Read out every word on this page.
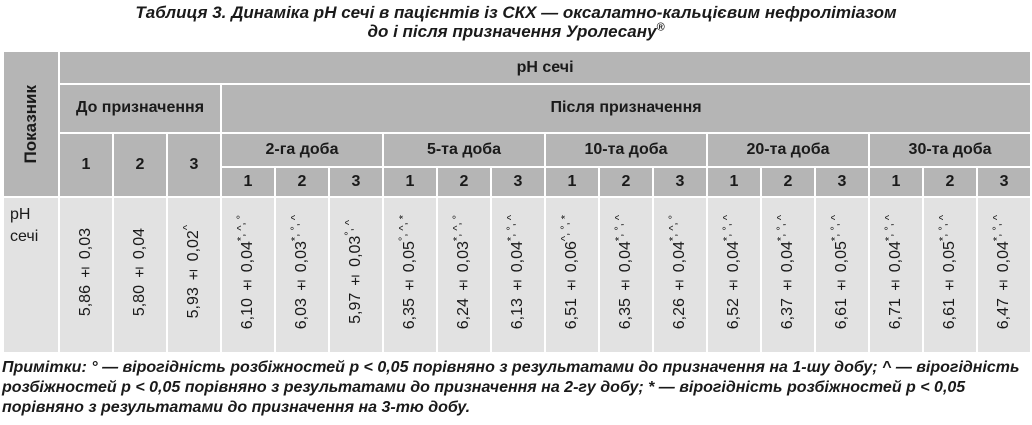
Таблиця 3. Динаміка pH сечі в пацієнтів із СКХ — оксалатно-кальцієвим нефролітіазом
до і після призначення Уролесану®
Показник	pH сечі																	
	До призначення			Після призначення														
	1	2	3	2-га доба			5-та доба			10-та доба			20-та доба			30-та доба		
				1	2	3	1	2	3	1	2	3	1	2	3	1	2	3
pH сечі	5,86 ± 0,03	5,80 ± 0,04	5,93 ± 0,02^	6,10 ± 0,04*, ^, °	6,03 ± 0,03*, °, ^	5,97 ± 0,03°, ^	6,35 ± 0,05°, ^, *	6,24 ± 0,03*, ^, °	6,13 ± 0,04*, °, ^	6,51 ± 0,06^, °, *	6,35 ± 0,04*, °, ^	6,26 ± 0,04*, ^, °	6,52 ± 0,04*, °, ^	6,37 ± 0,04*, °, ^	6,61 ± 0,05*, °, ^	6,71 ± 0,04*, °, ^	6,61 ± 0,05*, °, ^	6,47 ± 0,04*, °, ^
Примітки: ° — вірогідність розбіжностей р < 0,05 порівняно з результатами до призначення на 1-шу добу; ^ — вірогідність розбіжностей р < 0,05 порівняно з результатами до призначення на 2-гу добу; * — вірогідність розбіжностей р < 0,05 порівняно з результатами до призначення на 3-тю добу.
